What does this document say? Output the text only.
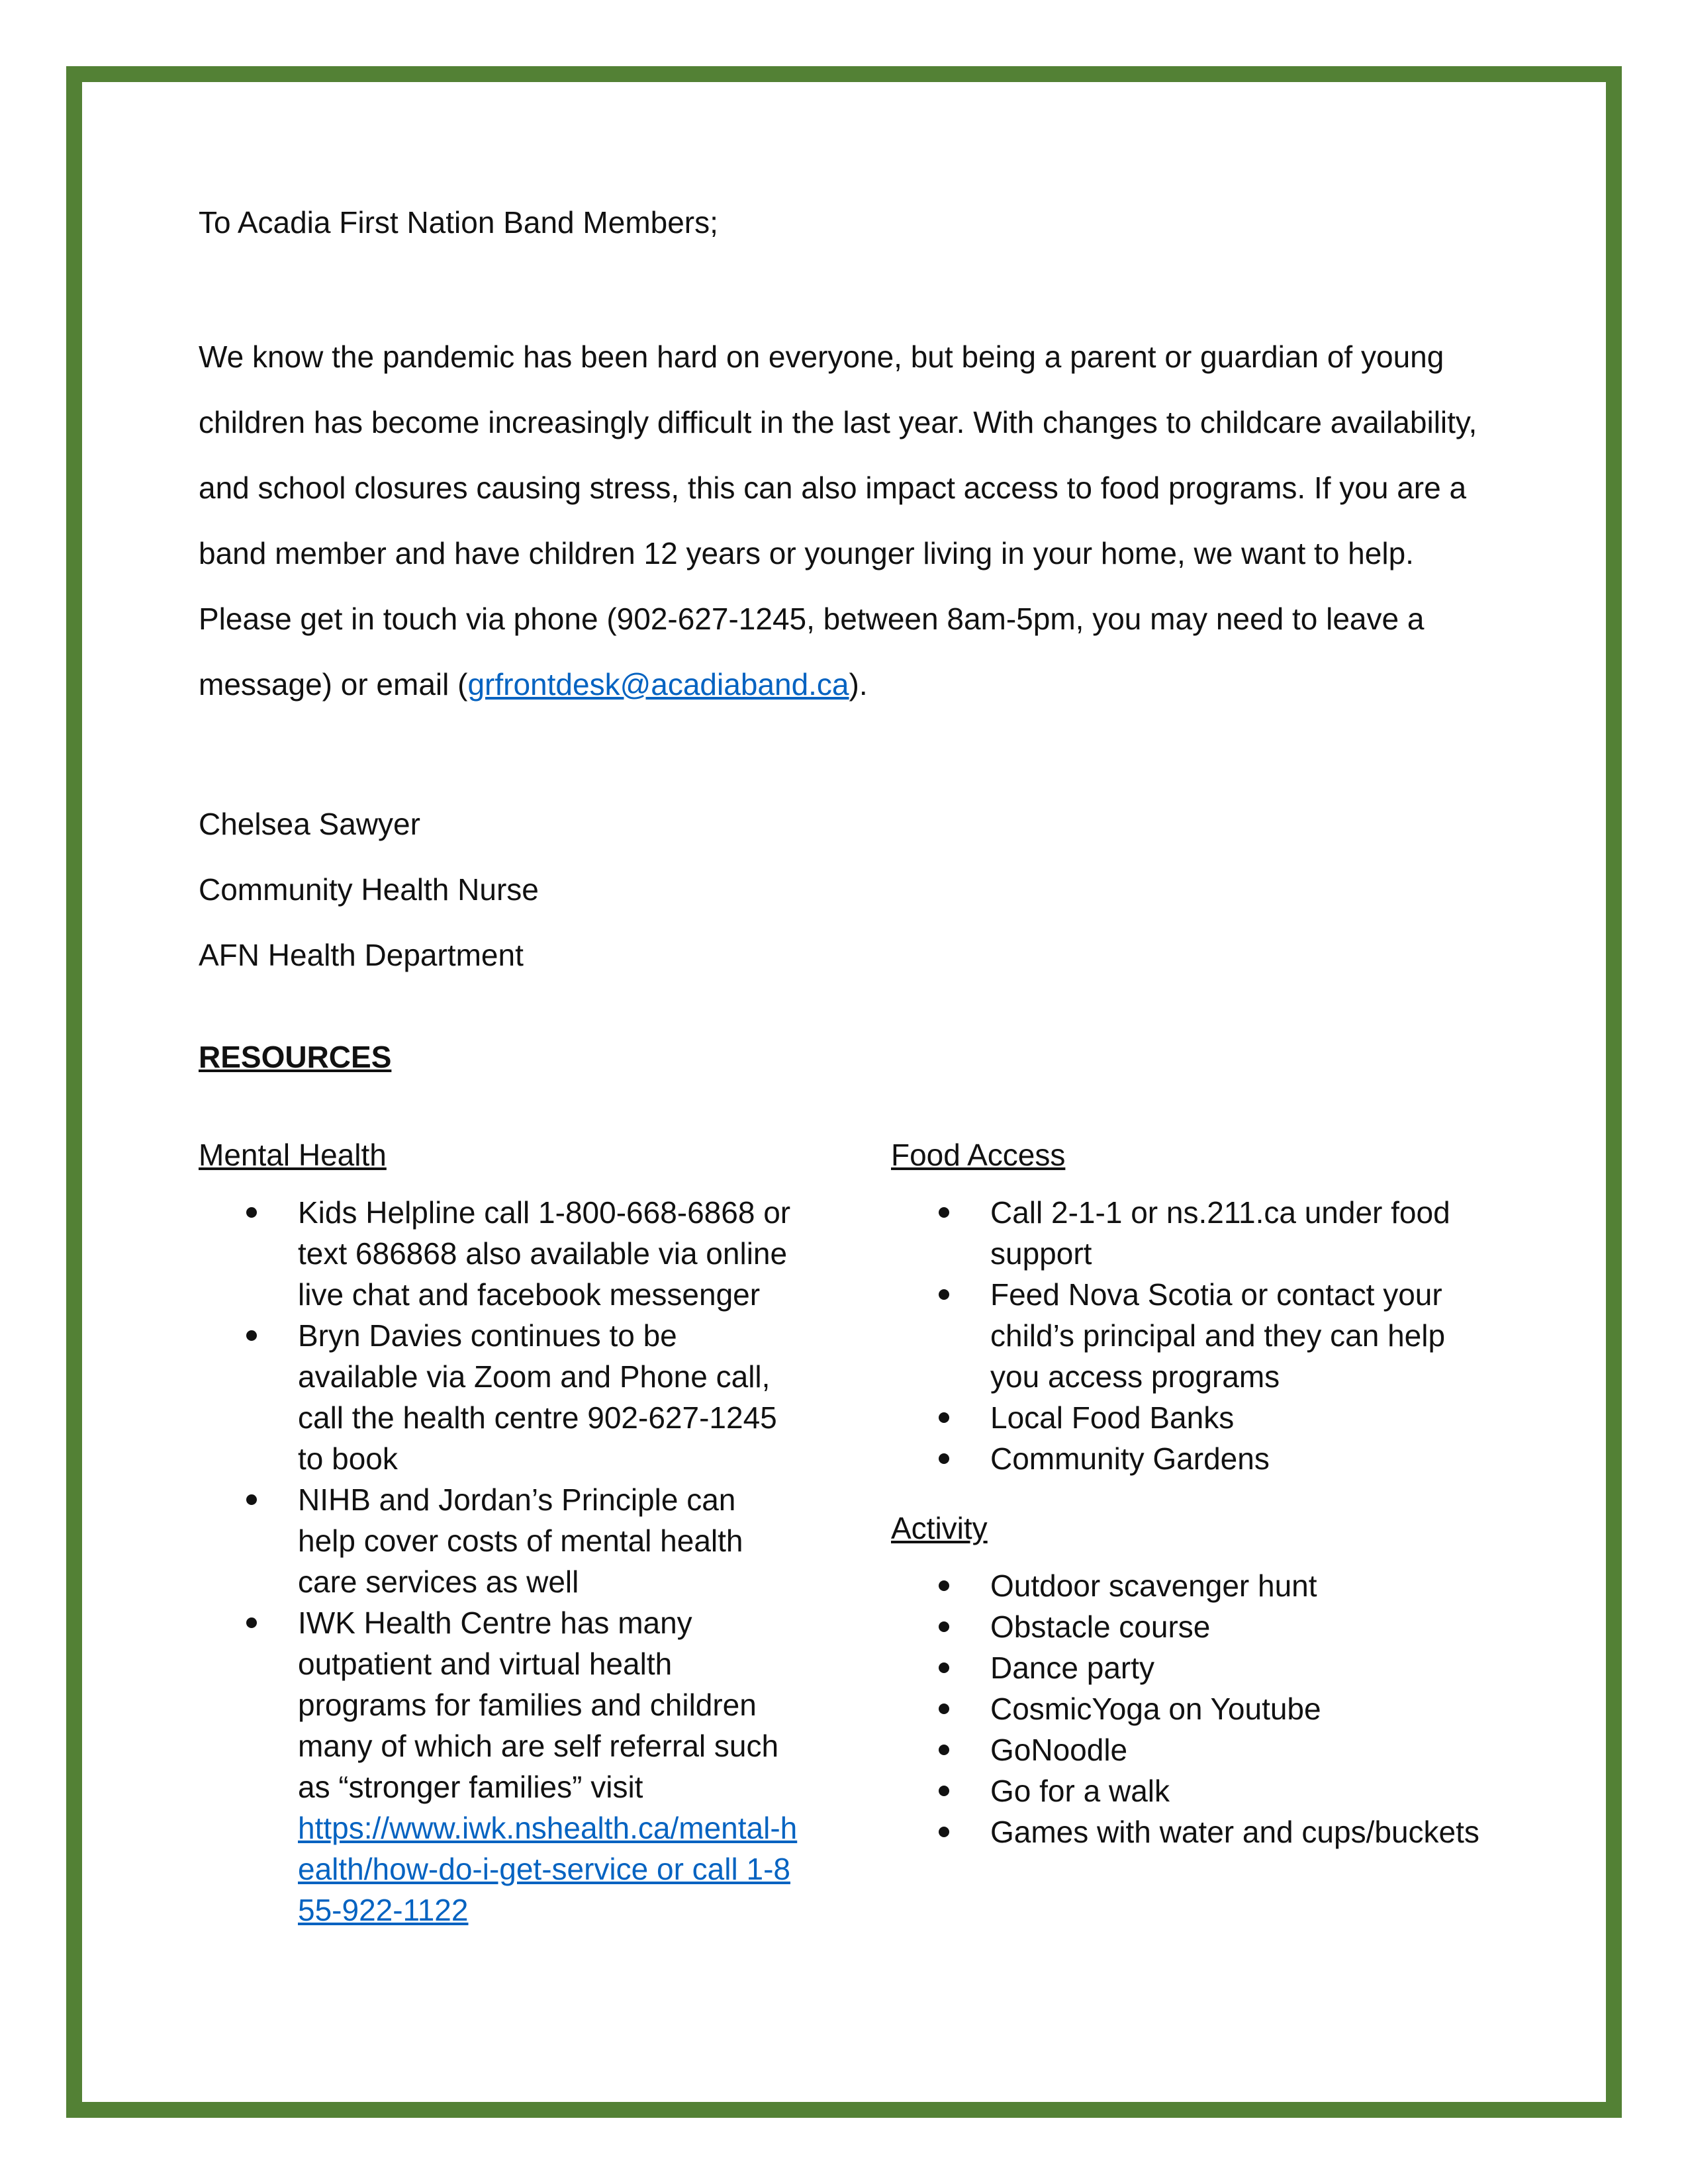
To Acadia First Nation Band Members;

We know the pandemic has been hard on everyone, but being a parent or guardian of young children has become increasingly difficult in the last year. With changes to childcare availability, and school closures causing stress, this can also impact access to food programs. If you are a band member and have children 12 years or younger living in your home, we want to help. Please get in touch via phone (902-627-1245, between 8am-5pm, you may need to leave a message) or email (grfrontdesk@acadiaband.ca).

Chelsea Sawyer

Community Health Nurse

AFN Health Department

RESOURCES
Mental Health
Kids Helpline call 1-800-668-6868 or text 686868 also available via online live chat and facebook messenger
Bryn Davies continues to be available via Zoom and Phone call, call the health centre 902-627-1245 to book
NIHB and Jordan’s Principle can help cover costs of mental health care services as well
IWK Health Centre has many outpatient and virtual health programs for families and children many of which are self referral such as “stronger families” visit
https://www.iwk.nshealth.ca/mental-health/how-do-i-get-service or call 1-855-922-1122
Food Access
Call 2-1-1 or ns.211.ca under food support
Feed Nova Scotia or contact your child’s principal and they can help you access programs
Local Food Banks
Community Gardens
Activity
Outdoor scavenger hunt
Obstacle course
Dance party
CosmicYoga on Youtube
GoNoodle
Go for a walk
Games with water and cups/buckets
